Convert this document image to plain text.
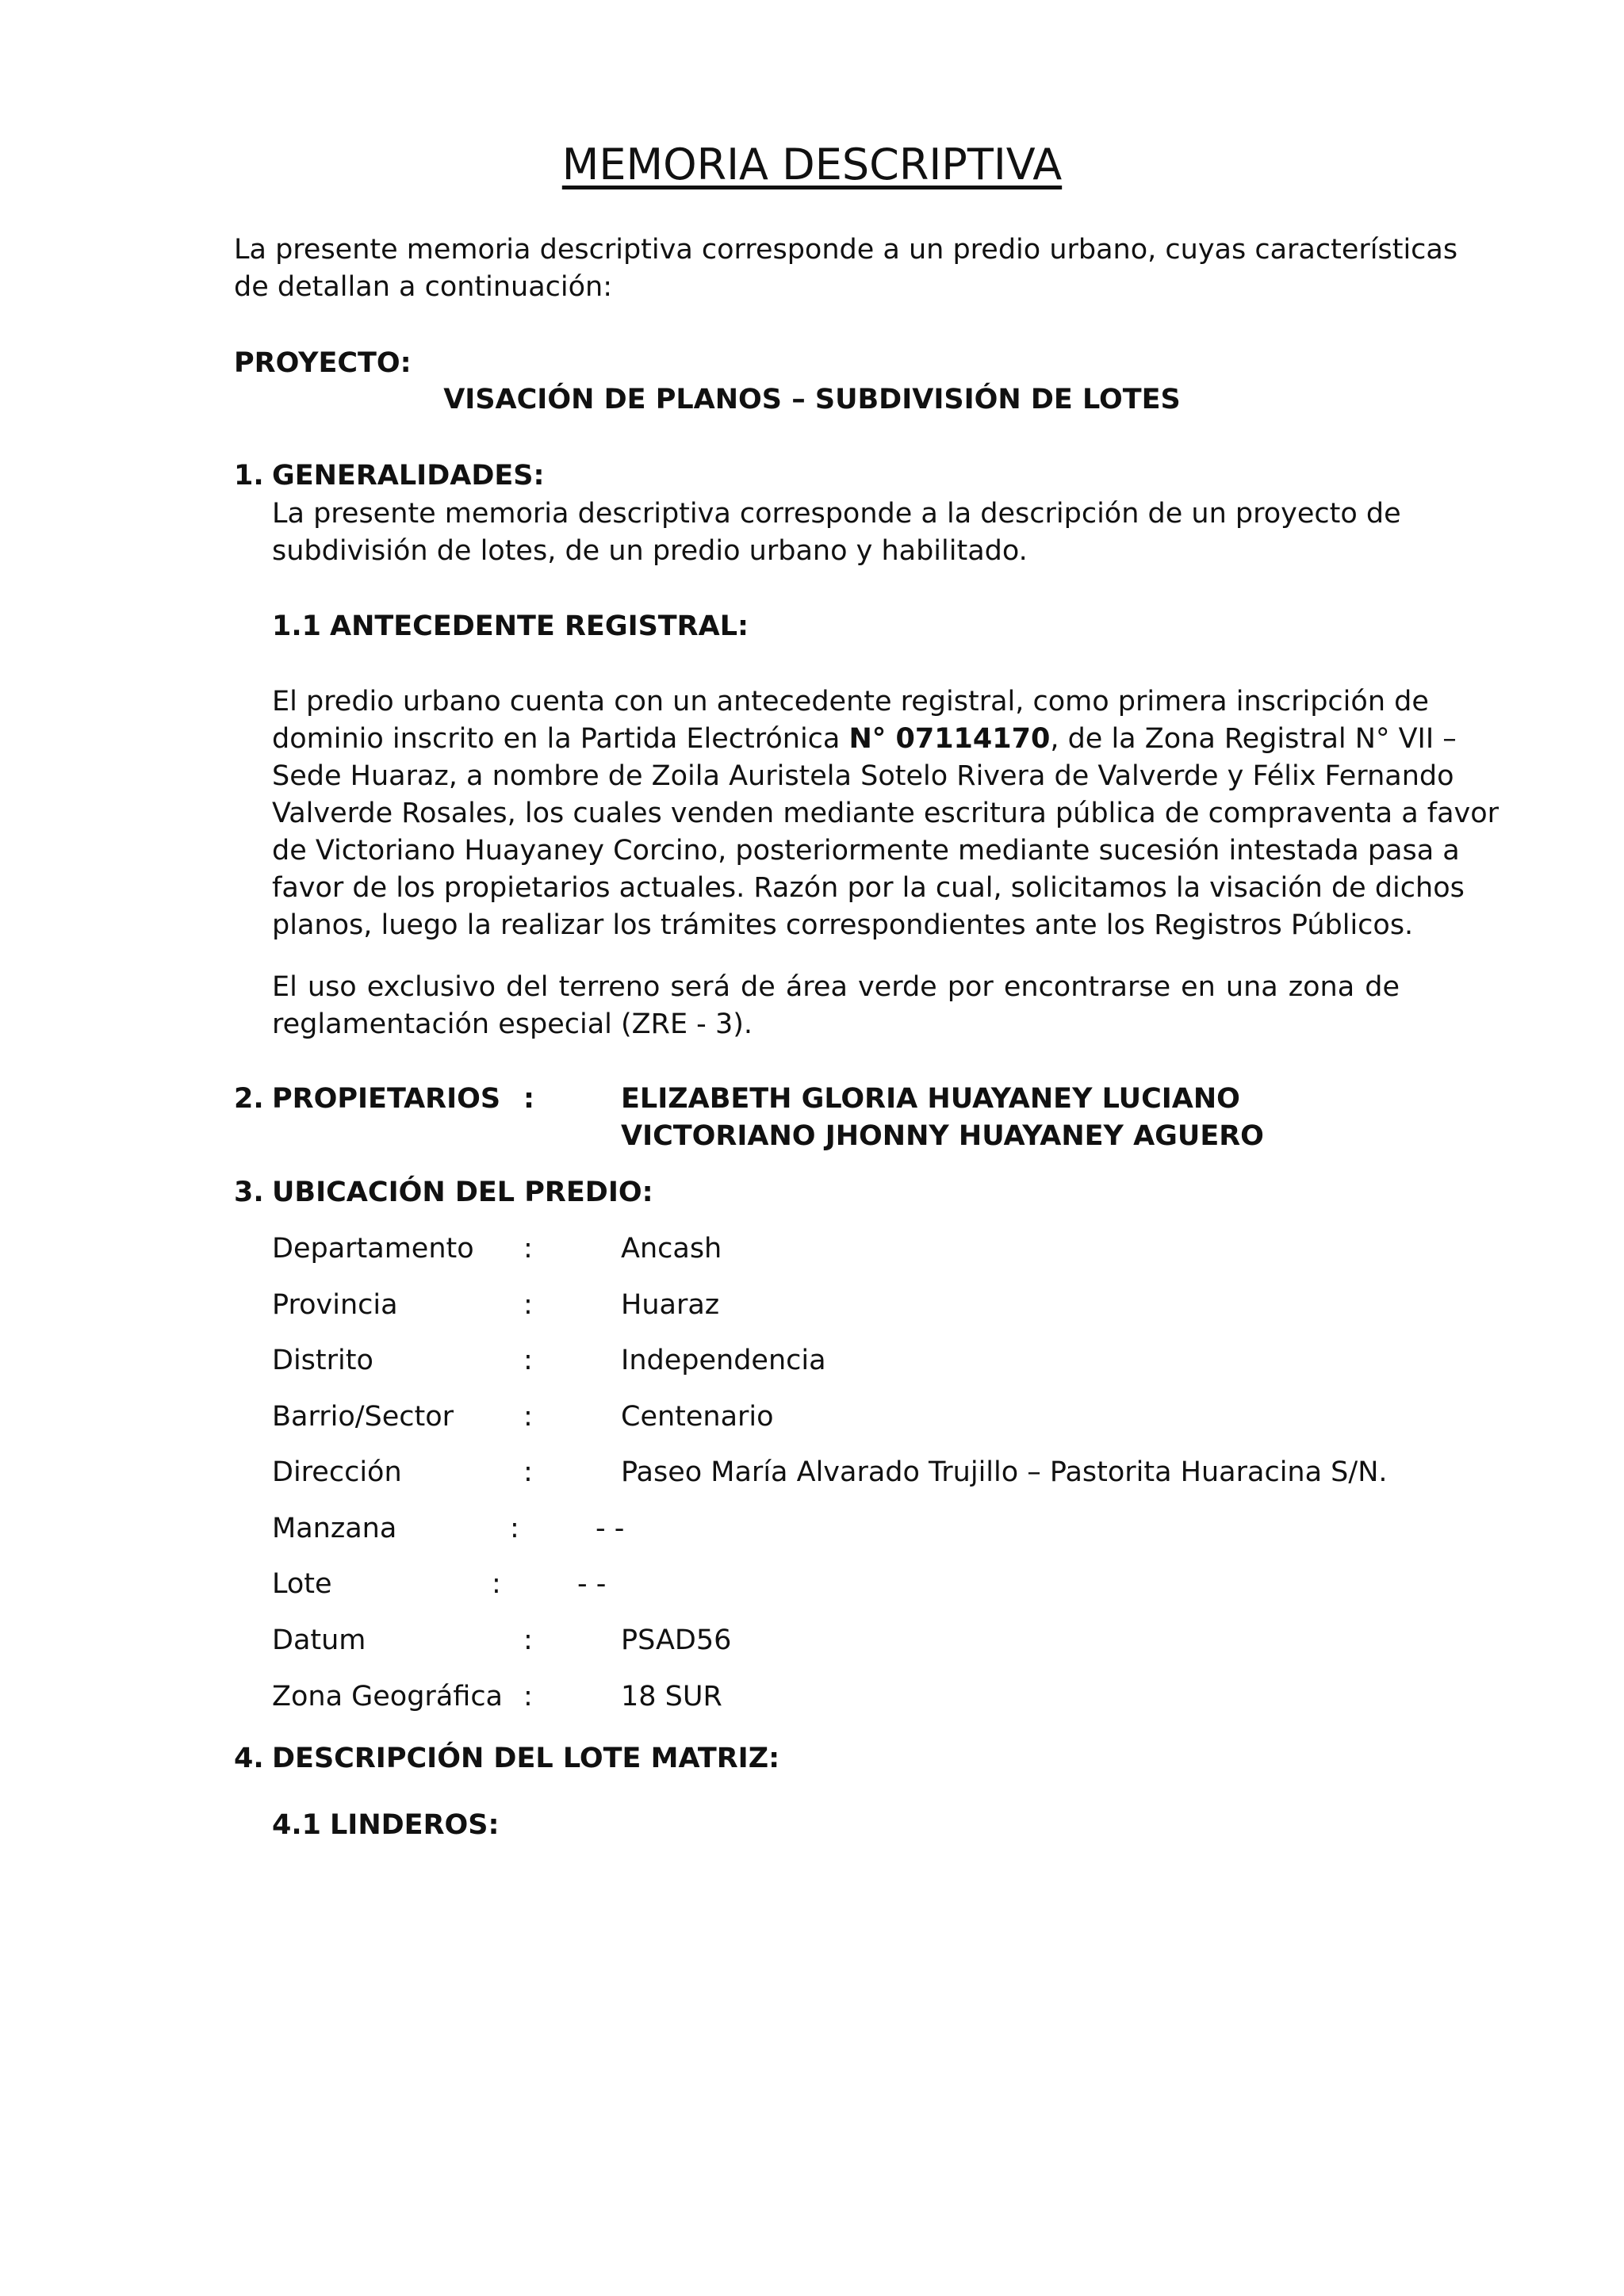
MEMORIA DESCRIPTIVA
La presente memoria descriptiva corresponde a un predio urbano, cuyas características
de detallan a continuación:
PROYECTO:
VISACIÓN DE PLANOS – SUBDIVISIÓN DE LOTES
1. GENERALIDADES:
La presente memoria descriptiva corresponde a la descripción de un proyecto de
subdivisión de lotes, de un predio urbano y habilitado.
1.1 ANTECEDENTE REGISTRAL:
El predio urbano cuenta con un antecedente registral, como primera inscripción de
dominio inscrito en la Partida Electrónica N° 07114170, de la Zona Registral N° VII –
Sede Huaraz, a nombre de Zoila Auristela Sotelo Rivera de Valverde y Félix Fernando
Valverde Rosales, los cuales venden mediante escritura pública de compraventa a favor
de Victoriano Huayaney Corcino, posteriormente mediante sucesión intestada pasa a
favor de los propietarios actuales. Razón por la cual, solicitamos la visación de dichos
planos, luego la realizar los trámites correspondientes ante los Registros Públicos.
El uso exclusivo del terreno será de área verde por encontrarse en una zona de
reglamentación especial (ZRE - 3).
2. PROPIETARIOS :	ELIZABETH GLORIA HUAYANEY LUCIANO
VICTORIANO JHONNY HUAYANEY AGUERO
3. UBICACIÓN DEL PREDIO:
Departamento :	Ancash
Provincia	:	Huaraz
Distrito	:	Independencia
Barrio/Sector	:	Centenario
Dirección	:	Paseo María Alvarado Trujillo – Pastorita Huaracina S/N.
Manzana	:	- -
Lote	:	- -
Datum	:	PSAD56
Zona Geográfica :	18 SUR
4. DESCRIPCIÓN DEL LOTE MATRIZ:
4.1 LINDEROS:
